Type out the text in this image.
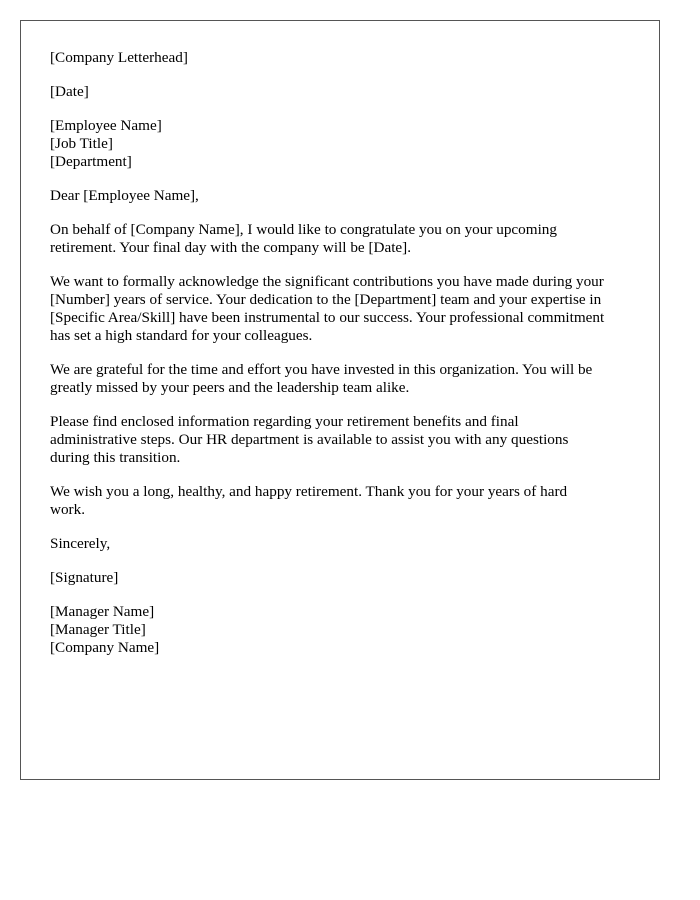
[Company Letterhead]
[Date]
[Employee Name]
[Job Title]
[Department]
Dear [Employee Name],

On behalf of [Company Name], I would like to congratulate you on your upcoming
retirement. Your final day with the company will be [Date].

We want to formally acknowledge the significant contributions you have made during your
[Number] years of service. Your dedication to the [Department] team and your expertise in
[Specific Area/Skill] have been instrumental to our success. Your professional commitment
has set a high standard for your colleagues.

We are grateful for the time and effort you have invested in this organization. You will be
greatly missed by your peers and the leadership team alike.

Please find enclosed information regarding your retirement benefits and final
administrative steps. Our HR department is available to assist you with any questions
during this transition.

We wish you a long, healthy, and happy retirement. Thank you for your years of hard
work.

Sincerely,
[Signature]
[Manager Name]
[Manager Title]
[Company Name]
